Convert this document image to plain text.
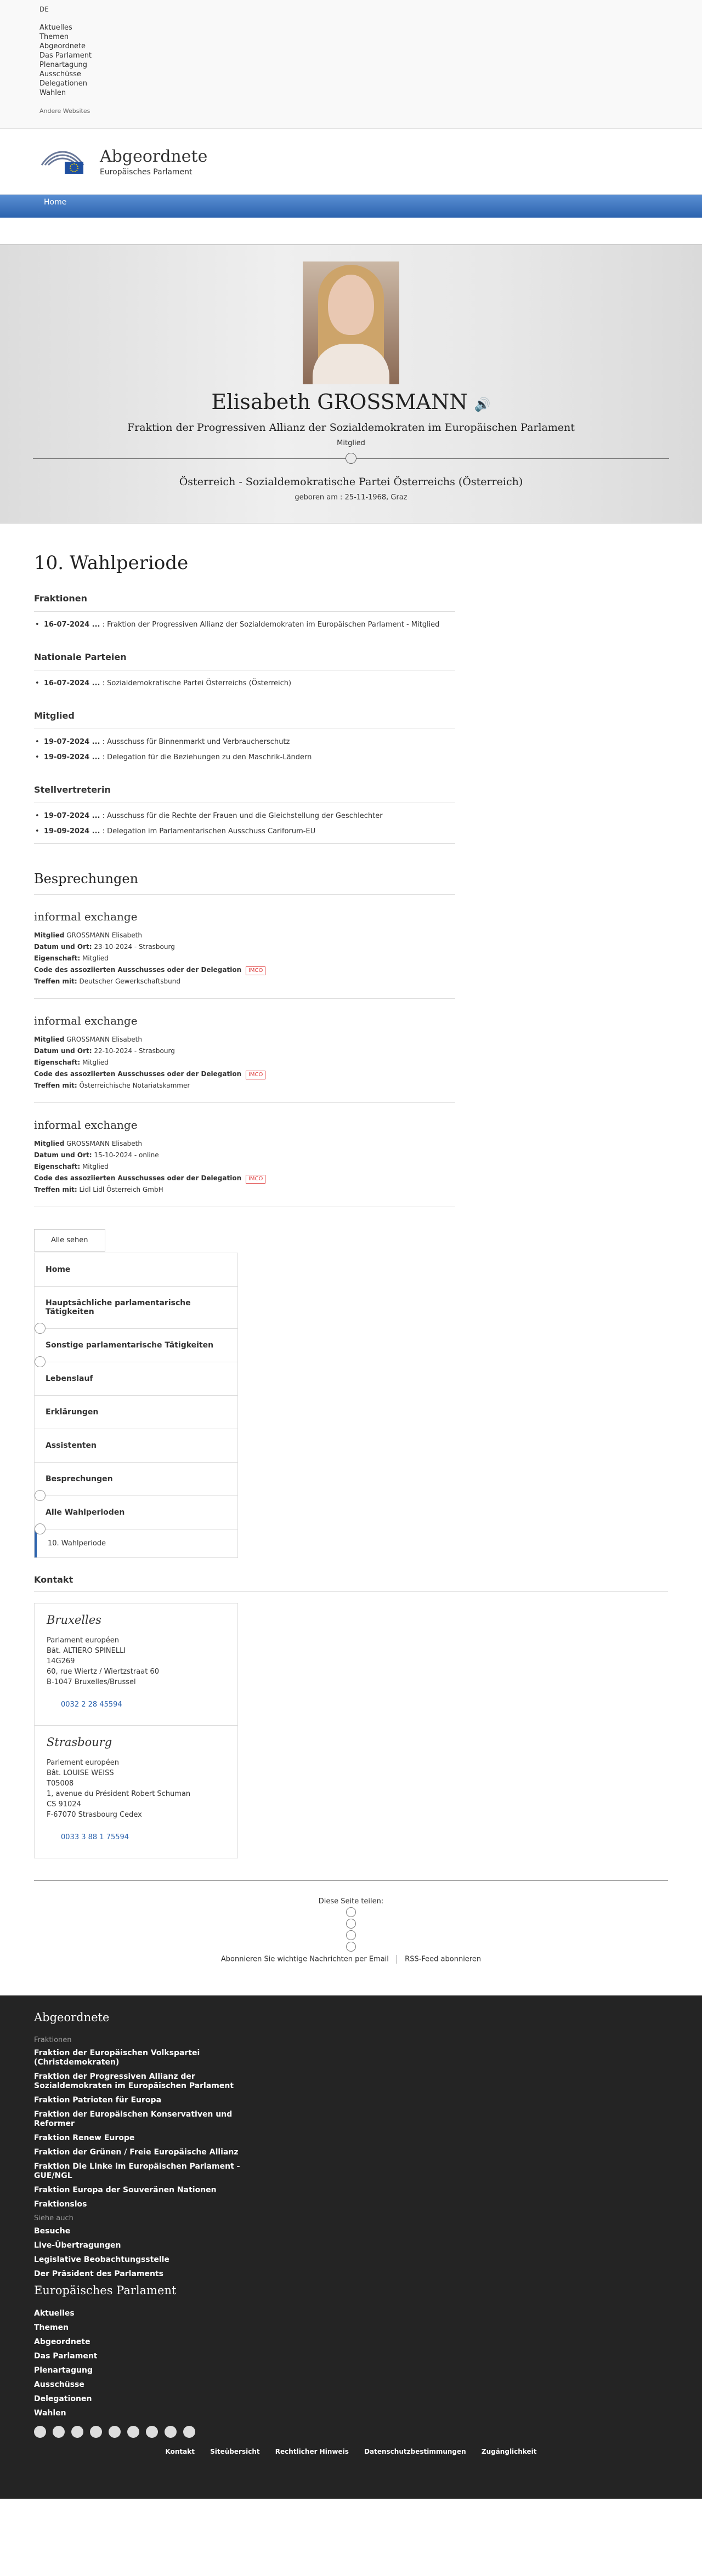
DE
Aktuelles
Themen
Abgeordnete
Das Parlament
Plenartagung
Ausschüsse
Delegationen
Wahlen
Andere Websites
Abgeordnete
Europäisches Parlament
Home
Elisabeth GROSSMANN 🔊
Fraktion der Progressiven Allianz der Sozialdemokraten im Europäischen Parlament
Mitglied
Österreich - Sozialdemokratische Partei Österreichs (Österreich)
geboren am : 25-11-1968, Graz
10. Wahlperiode
Fraktionen
• 16-07-2024 ... : Fraktion der Progressiven Allianz der Sozialdemokraten im Europäischen Parlament - Mitglied
Nationale Parteien
• 16-07-2024 ... : Sozialdemokratische Partei Österreichs (Österreich)
Mitglied
• 19-07-2024 ... : Ausschuss für Binnenmarkt und Verbraucherschutz
• 19-09-2024 ... : Delegation für die Beziehungen zu den Maschrik-Ländern
Stellvertreterin
• 19-07-2024 ... : Ausschuss für die Rechte der Frauen und die Gleichstellung der Geschlechter
• 19-09-2024 ... : Delegation im Parlamentarischen Ausschuss Cariforum-EU
Besprechungen
informal exchange

Mitglied GROSSMANN Elisabeth

Datum und Ort: 23-10-2024 - Strasbourg

Eigenschaft: Mitglied

Code des assoziierten Ausschusses oder der Delegation IMCO

Treffen mit: Deutscher Gewerkschaftsbund

informal exchange

Mitglied GROSSMANN Elisabeth

Datum und Ort: 22-10-2024 - Strasbourg

Eigenschaft: Mitglied

Code des assoziierten Ausschusses oder der Delegation IMCO

Treffen mit: Österreichische Notariatskammer

informal exchange

Mitglied GROSSMANN Elisabeth

Datum und Ort: 15-10-2024 - online

Eigenschaft: Mitglied

Code des assoziierten Ausschusses oder der Delegation IMCO

Treffen mit: Lidl Lidl Österreich GmbH

Alle sehen
Home
Hauptsächliche parlamentarische Tätigkeiten
Sonstige parlamentarische Tätigkeiten
Lebenslauf
Erklärungen
Assistenten
Besprechungen
Alle Wahlperioden
10. Wahlperiode
Kontakt
Bruxelles

Parlament européen

Bât. ALTIERO SPINELLI

14G269

60, rue Wiertz / Wiertzstraat 60

B-1047 Bruxelles/Brussel

0032 2 28 45594
Strasbourg

Parlement européen

Bât. LOUISE WEISS

T05008

1, avenue du Président Robert Schuman

CS 91024

F-67070 Strasbourg Cedex

0033 3 88 1 75594
Diese Seite teilen:
Abonnieren Sie wichtige Nachrichten per Email RSS-Feed abonnieren
Abgeordnete
Fraktionen
Fraktion der Europäischen Volkspartei (Christdemokraten)
Fraktion der Progressiven Allianz der Sozialdemokraten im Europäischen Parlament
Fraktion Patrioten für Europa
Fraktion der Europäischen Konservativen und Reformer
Fraktion Renew Europe
Fraktion der Grünen / Freie Europäische Allianz
Fraktion Die Linke im Europäischen Parlament - GUE/NGL
Fraktion Europa der Souveränen Nationen
Fraktionslos
Siehe auch
Besuche
Live-Übertragungen
Legislative Beobachtungsstelle
Der Präsident des Parlaments
Europäisches Parlament
Aktuelles
Themen
Abgeordnete
Das Parlament
Plenartagung
Ausschüsse
Delegationen
Wahlen
Kontakt Siteübersicht Rechtlicher Hinweis Datenschutzbestimmungen Zugänglichkeit
